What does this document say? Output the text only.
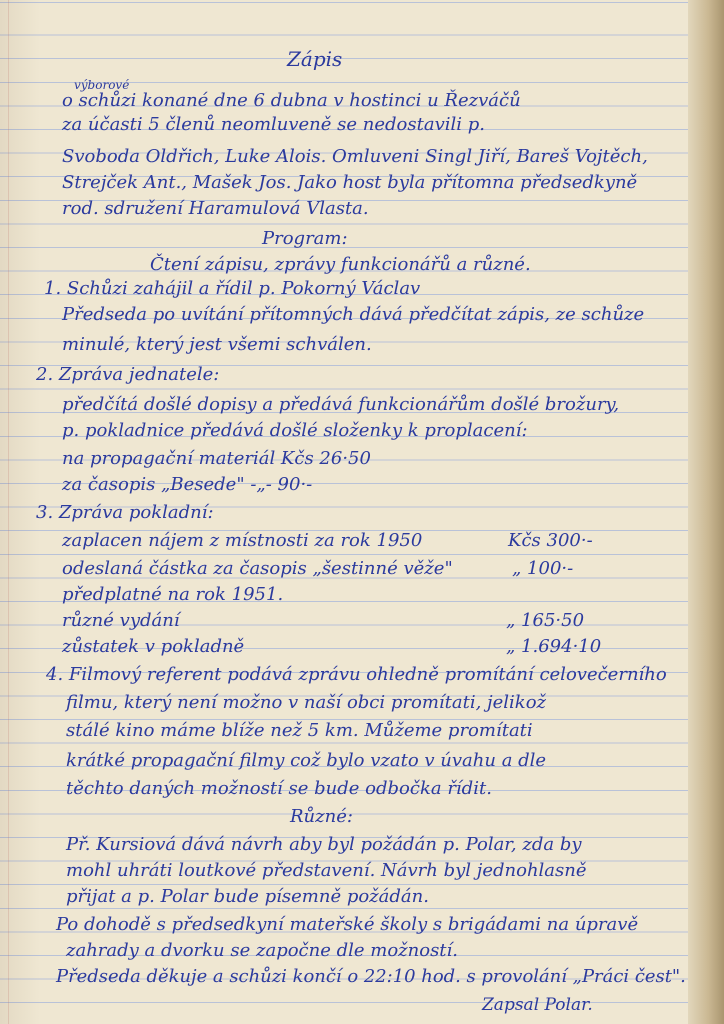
Zápis
výborové
o schůzi konané dne 6 dubna v hostinci u Řezváčů
za účasti 5 členů neomluveně se nedostavili p.
Svoboda Oldřich, Luke Alois. Omluveni Singl Jiří, Bareš Vojtěch,
Strejček Ant., Mašek Jos. Jako host byla přítomna předsedkyně
rod. sdružení Haramulová Vlasta.
Program:
Čtení zápisu, zprávy funkcionářů a různé.
1. Schůzi zahájil a řídil p. Pokorný Václav
Předseda po uvítání přítomných dává předčítat zápis, ze schůze
minulé, který jest všemi schválen.
2. Zpráva jednatele:
předčítá došlé dopisy a předává funkcionářům došlé brožury,
p. pokladnice předává došlé složenky k proplacení:
na propagační materiál Kčs 26·50
za časopis „Besede" -„- 90·-
3. Zpráva pokladní:
zaplacen nájem z místnosti za rok 1950	Kčs 300·-
odeslaná částka za časopis „šestinné věže"	„ 100·-
předplatné na rok 1951.
různé vydání	„ 165·50
zůstatek v pokladně	„ 1.694·10
4. Filmový referent podává zprávu ohledně promítání celovečerního
filmu, který není možno v naší obci promítati, jelikož
stálé kino máme blíže než 5 km. Můžeme promítati
krátké propagační filmy což bylo vzato v úvahu a dle
těchto daných možností se bude odbočka řídit.
Různé:
Př. Kursiová dává návrh aby byl požádán p. Polar, zda by
mohl uhráti loutkové představení. Návrh byl jednohlasně
přijat a p. Polar bude písemně požádán.
Po dohodě s předsedkyní mateřské školy s brigádami na úpravě
zahrady a dvorku se započne dle možností.
Předseda děkuje a schůzi končí o 22:10 hod. s provolání „Práci čest".
Zapsal Polar.
